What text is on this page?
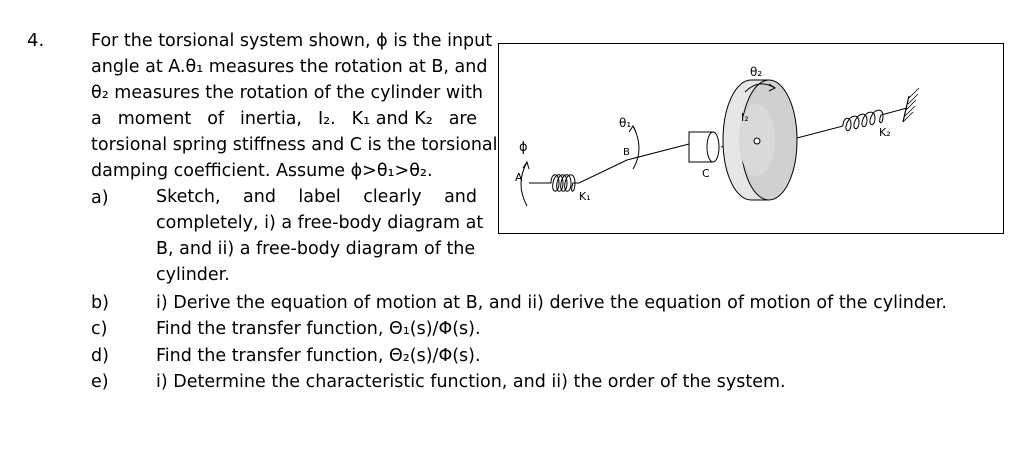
4.	For the torsional system shown, ϕ is the input
angle at A. θ₁ measures the rotation at B, and
θ₂ measures the rotation of the cylinder with
a moment of inertia, I₂. K₁ and K₂ are
torsional spring stiffness and C is the torsional
damping coefficient. Assume ϕ>θ₁>θ₂.
a)	Sketch, and label clearly and
completely, i) a free-body diagram at
B, and ii) a free-body diagram of the
cylinder.
b)	i) Derive the equation of motion at B, and ii) derive the equation of motion of the cylinder.
c)	Find the transfer function, Θ₁(s)/Φ(s).
d)	Find the transfer function, Θ₂(s)/Φ(s).
e)	i) Determine the characteristic function, and ii) the order of the system.
ϕ
A
K₁
θ₁
B
C
I₂
θ₂
K₂
